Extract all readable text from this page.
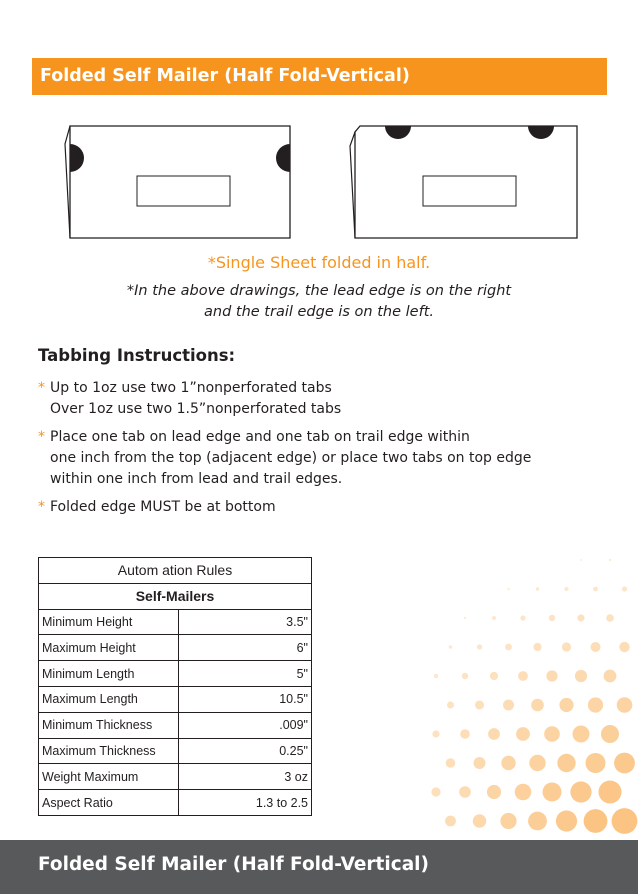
Folded Self Mailer (Half Fold-Vertical)
*Single Sheet folded in half.
*In the above drawings, the lead edge is on the right
and the trail edge is on the left.
Tabbing Instructions:
* Up to 1oz use two 1”nonperforated tabs
Over 1oz use two 1.5”nonperforated tabs
* Place one tab on lead edge and one tab on trail edge within
one inch from the top (adjacent edge) or place two tabs on top edge
within one inch from lead and trail edges.
* Folded edge MUST be at bottom
Autom ation Rules	
Self-Mailers	
Minimum Height	3.5"
Maximum Height	6"
Minimum Length	5"
Maximum Length	10.5"
Minimum Thickness	.009"
Maximum Thickness	0.25"
Weight Maximum	3 oz
Aspect Ratio	1.3 to 2.5
Folded Self Mailer (Half Fold-Vertical)
